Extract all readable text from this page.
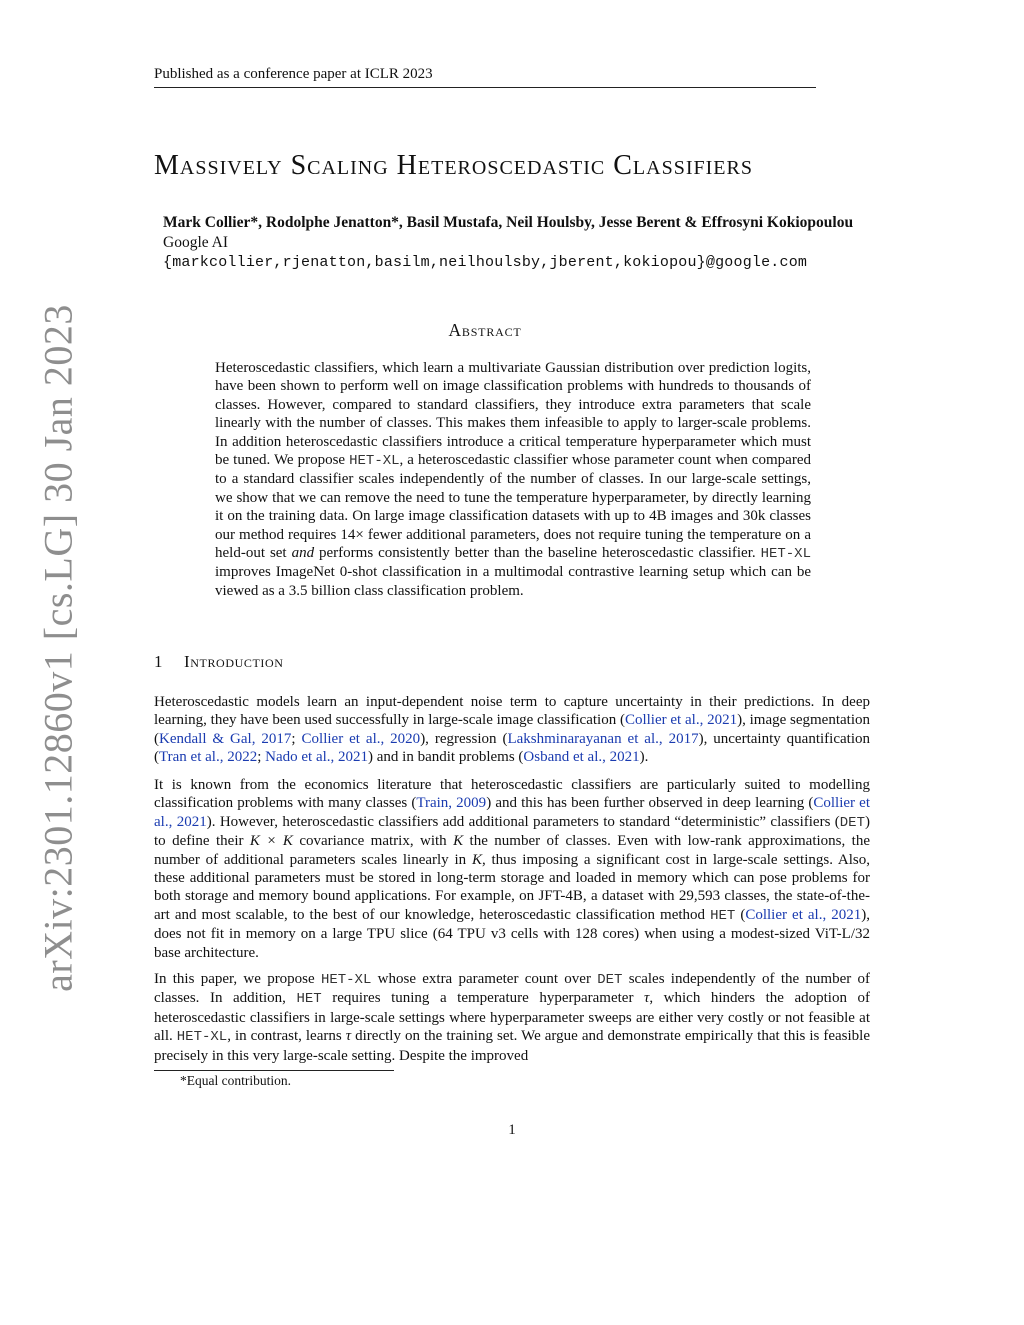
Published as a conference paper at ICLR 2023
arXiv:2301.12860v1 [cs.LG] 30 Jan 2023
Massively Scaling Heteroscedastic Classifiers
Mark Collier*, Rodolphe Jenatton*, Basil Mustafa, Neil Houlsby, Jesse Berent & Effrosyni Kokiopoulou
Google AI
{markcollier,rjenatton,basilm,neilhoulsby,jberent,kokiopou}@google.com
Abstract

Heteroscedastic classifiers, which learn a multivariate Gaussian distribution over prediction logits, have been shown to perform well on image classification problems with hundreds to thousands of classes. However, compared to standard classifiers, they introduce extra parameters that scale linearly with the number of classes. This makes them infeasible to apply to larger-scale problems. In addition heteroscedastic classifiers introduce a critical temperature hyperparameter which must be tuned. We propose HET-XL, a heteroscedastic classifier whose parameter count when compared to a standard classifier scales independently of the number of classes. In our large-scale settings, we show that we can remove the need to tune the temperature hyperparameter, by directly learning it on the training data. On large image classification datasets with up to 4B images and 30k classes our method requires 14× fewer additional parameters, does not require tuning the temperature on a held-out set and performs consistently better than the baseline heteroscedastic classifier. HET-XL improves ImageNet 0-shot classification in a multimodal contrastive learning setup which can be viewed as a 3.5 billion class classification problem.

1 Introduction

Heteroscedastic models learn an input-dependent noise term to capture uncertainty in their predictions. In deep learning, they have been used successfully in large-scale image classification (Collier et al., 2021), image segmentation (Kendall & Gal, 2017; Collier et al., 2020), regression (Lakshminarayanan et al., 2017), uncertainty quantification (Tran et al., 2022; Nado et al., 2021) and in bandit problems (Osband et al., 2021).

It is known from the economics literature that heteroscedastic classifiers are particularly suited to modelling classification problems with many classes (Train, 2009) and this has been further observed in deep learning (Collier et al., 2021). However, heteroscedastic classifiers add additional parameters to standard “deterministic” classifiers (DET) to define their K × K covariance matrix, with K the number of classes. Even with low-rank approximations, the number of additional parameters scales linearly in K, thus imposing a significant cost in large-scale settings. Also, these additional parameters must be stored in long-term storage and loaded in memory which can pose problems for both storage and memory bound applications. For example, on JFT-4B, a dataset with 29,593 classes, the state-of-the-art and most scalable, to the best of our knowledge, heteroscedastic classification method HET (Collier et al., 2021), does not fit in memory on a large TPU slice (64 TPU v3 cells with 128 cores) when using a modest-sized ViT-L/32 base architecture.

In this paper, we propose HET-XL whose extra parameter count over DET scales independently of the number of classes. In addition, HET requires tuning a temperature hyperparameter τ, which hinders the adoption of heteroscedastic classifiers in large-scale settings where hyperparameter sweeps are either very costly or not feasible at all. HET-XL, in contrast, learns τ directly on the training set. We argue and demonstrate empirically that this is feasible precisely in this very large-scale setting. Despite the improved

*Equal contribution.
1
